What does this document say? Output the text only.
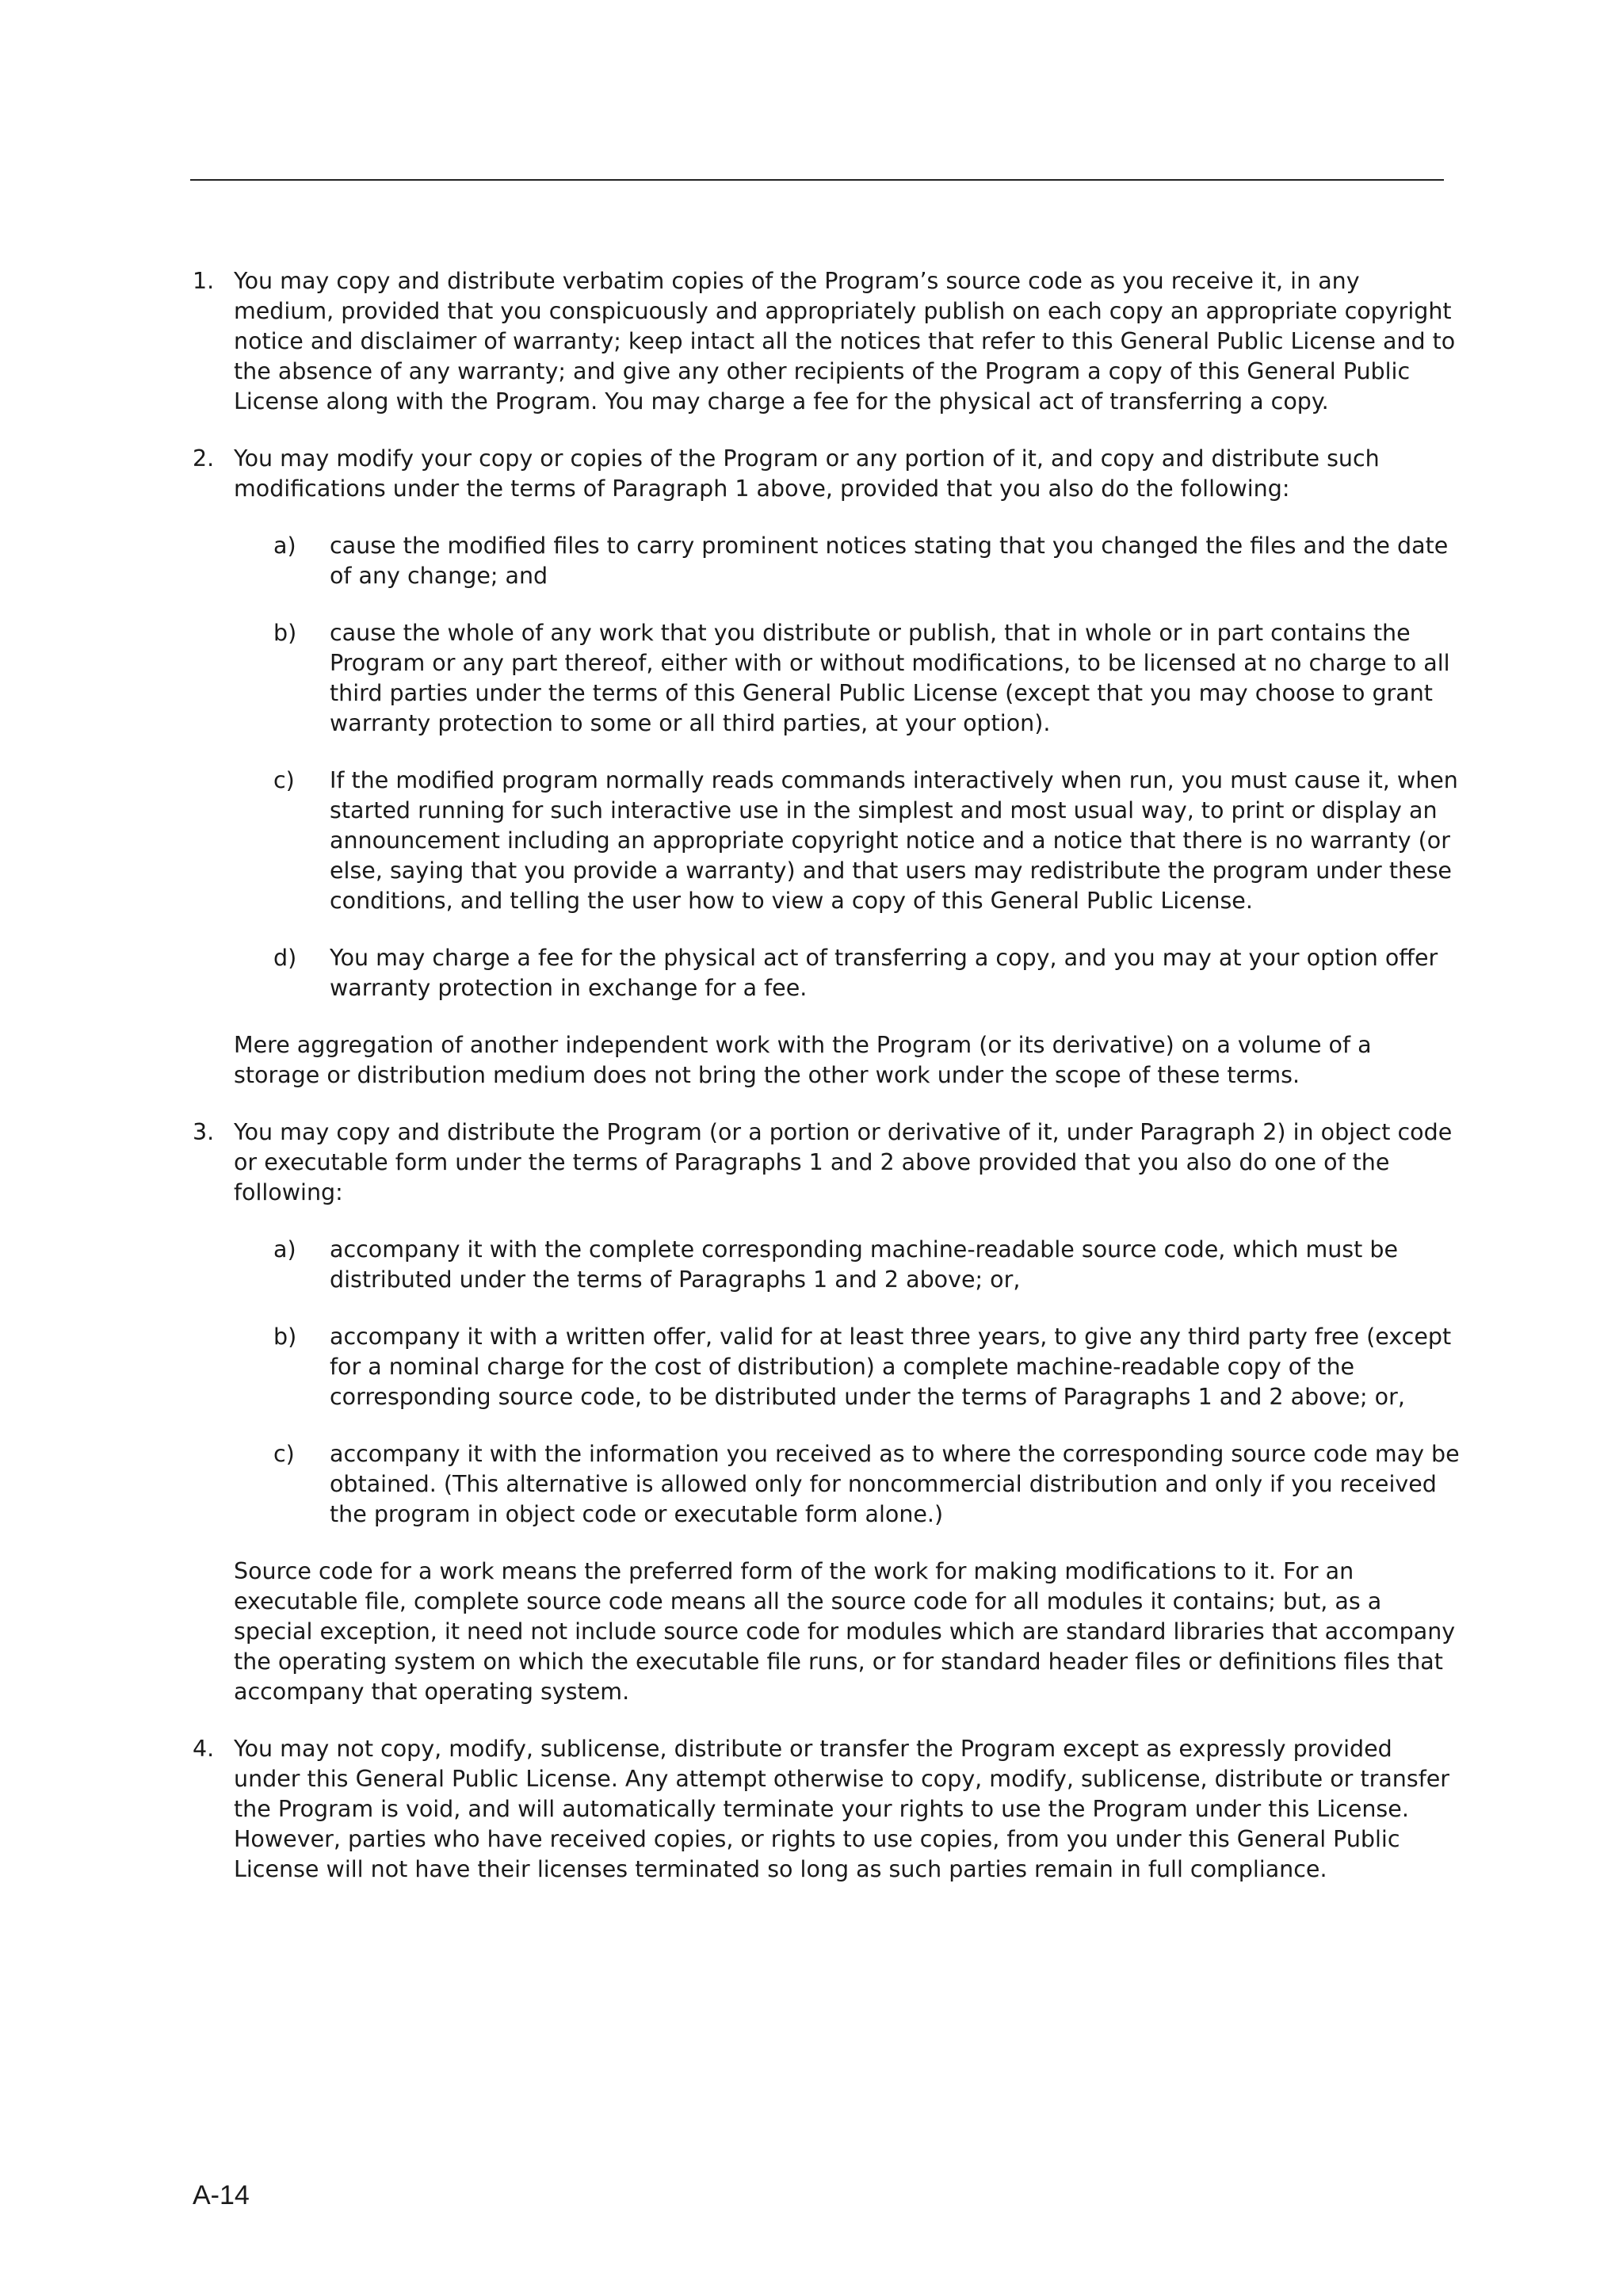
1. You may copy and distribute verbatim copies of the Program’s source code as you receive it, in any medium, provided that you conspicuously and appropriately publish on each copy an appropriate copyright notice and disclaimer of warranty; keep intact all the notices that refer to this General Public License and to the absence of any warranty; and give any other recipients of the Program a copy of this General Public License along with the Program. You may charge a fee for the physical act of transferring a copy.

2. You may modify your copy or copies of the Program or any portion of it, and copy and distribute such modifications under the terms of Paragraph 1 above, provided that you also do the following:

a) cause the modified files to carry prominent notices stating that you changed the files and the date of any change; and

b) cause the whole of any work that you distribute or publish, that in whole or in part contains the Program or any part thereof, either with or without modifications, to be licensed at no charge to all third parties under the terms of this General Public License (except that you may choose to grant warranty protection to some or all third parties, at your option).

c) If the modified program normally reads commands interactively when run, you must cause it, when started running for such interactive use in the simplest and most usual way, to print or display an announcement including an appropriate copyright notice and a notice that there is no warranty (or else, saying that you provide a warranty) and that users may redistribute the program under these conditions, and telling the user how to view a copy of this General Public License.

d) You may charge a fee for the physical act of transferring a copy, and you may at your option offer warranty protection in exchange for a fee.

Mere aggregation of another independent work with the Program (or its derivative) on a volume of a storage or distribution medium does not bring the other work under the scope of these terms.

3. You may copy and distribute the Program (or a portion or derivative of it, under Paragraph 2) in object code or executable form under the terms of Paragraphs 1 and 2 above provided that you also do one of the following:

a) accompany it with the complete corresponding machine-readable source code, which must be distributed under the terms of Paragraphs 1 and 2 above; or,

b) accompany it with a written offer, valid for at least three years, to give any third party free (except for a nominal charge for the cost of distribution) a complete machine-readable copy of the corresponding source code, to be distributed under the terms of Paragraphs 1 and 2 above; or,

c) accompany it with the information you received as to where the corresponding source code may be obtained. (This alternative is allowed only for noncommercial distribution and only if you received the program in object code or executable form alone.)

Source code for a work means the preferred form of the work for making modifications to it. For an executable file, complete source code means all the source code for all modules it contains; but, as a special exception, it need not include source code for modules which are standard libraries that accompany the operating system on which the executable file runs, or for standard header files or definitions files that accompany that operating system.

4. You may not copy, modify, sublicense, distribute or transfer the Program except as expressly provided under this General Public License. Any attempt otherwise to copy, modify, sublicense, distribute or transfer the Program is void, and will automatically terminate your rights to use the Program under this License. However, parties who have received copies, or rights to use copies, from you under this General Public License will not have their licenses terminated so long as such parties remain in full compliance.

A-14
